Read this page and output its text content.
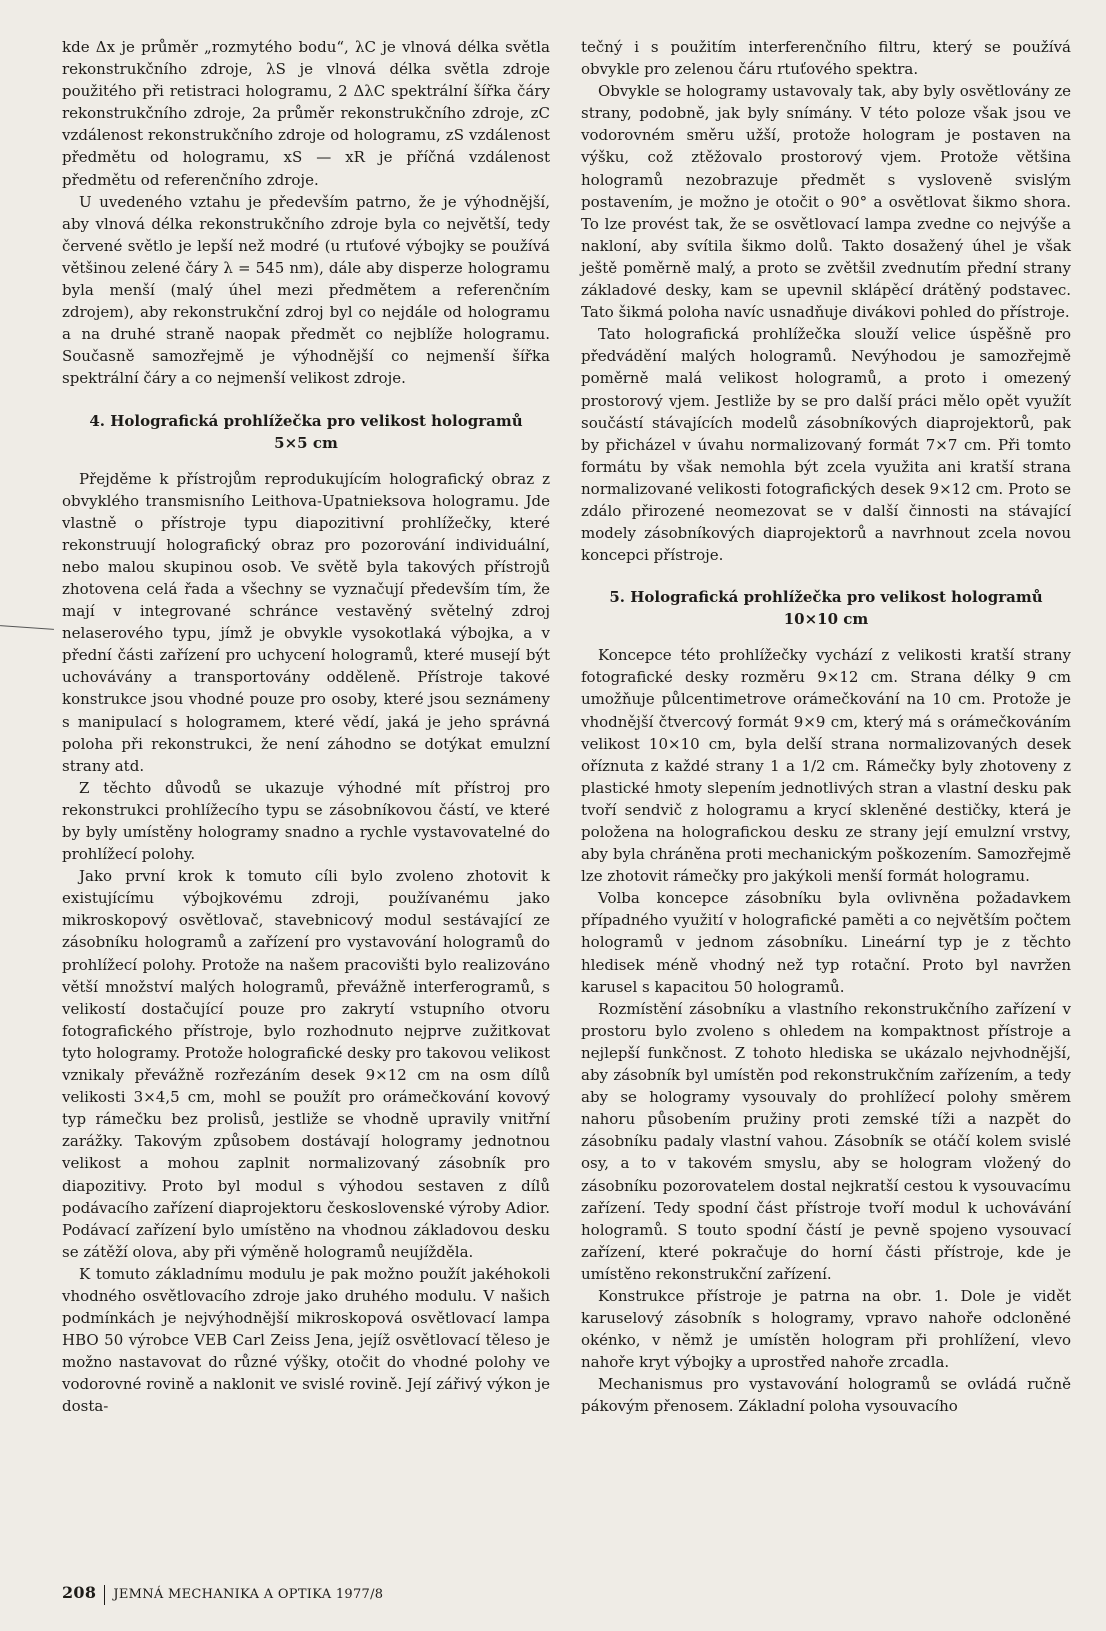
kde Δx je průměr „rozmytého bodu“, λC je vlnová délka světla rekonstrukčního zdroje, λS je vlnová délka světla zdroje použitého při retistraci hologramu, 2 ΔλC spektrální šířka čáry rekonstrukčního zdroje, 2a průměr rekonstrukčního zdroje, zC vzdálenost rekonstrukčního zdroje od hologramu, zS vzdálenost předmětu od hologramu, xS — xR je příčná vzdálenost předmětu od referenčního zdroje.

U uvedeného vztahu je především patrno, že je výhodnější, aby vlnová délka rekonstrukčního zdroje byla co největší, tedy červené světlo je lepší než modré (u rtuťové výbojky se používá většinou zelené čáry λ = 545 nm), dále aby disperze hologramu byla menší (malý úhel mezi předmětem a referenčním zdrojem), aby rekonstrukční zdroj byl co nejdále od hologramu a na druhé straně naopak předmět co nejblíže hologramu. Současně samozřejmě je výhodnější co nejmenší šířka spektrální čáry a co nejmenší velikost zdroje.

4. Holografická prohlížečka pro velikost hologramů
5×5 cm

Přejděme k přístrojům reprodukujícím holografický obraz z obvyklého transmisního Leithova-Upatnieksova hologramu. Jde vlastně o přístroje typu diapozitivní prohlížečky, které rekonstruují holografický obraz pro pozorování individuální, nebo malou skupinou osob. Ve světě byla takových přístrojů zhotovena celá řada a všechny se vyznačují především tím, že mají v integrované schránce vestavěný světelný zdroj nelaserového typu, jímž je obvykle vysokotlaká výbojka, a v přední části zařízení pro uchycení hologramů, které musejí být uchovávány a transportovány odděleně. Přístroje takové konstrukce jsou vhodné pouze pro osoby, které jsou seznámeny s manipulací s hologramem, které vědí, jaká je jeho správná poloha při rekonstrukci, že není záhodno se dotýkat emulzní strany atd.

Z těchto důvodů se ukazuje výhodné mít přístroj pro rekonstrukci prohlížecího typu se zásobníkovou částí, ve které by byly umístěny hologramy snadno a rychle vystavovatelné do prohlížecí polohy.

Jako první krok k tomuto cíli bylo zvoleno zhotovit k existujícímu výbojkovému zdroji, používanému jako mikroskopový osvětlovač, stavebnicový modul sestávající ze zásobníku hologramů a zařízení pro vystavování hologramů do prohlížecí polohy. Protože na našem pracovišti bylo realizováno větší množství malých hologramů, převážně interferogramů, s velikostí dostačující pouze pro zakrytí vstupního otvoru fotografického přístroje, bylo rozhodnuto nejprve zužitkovat tyto hologramy. Protože holografické desky pro takovou velikost vznikaly převážně rozřezáním desek 9×12 cm na osm dílů velikosti 3×4,5 cm, mohl se použít pro orámečkování kovový typ rámečku bez prolisů, jestliže se vhodně upravily vnitřní zarážky. Takovým způsobem dostávají hologramy jednotnou velikost a mohou zaplnit normalizovaný zásobník pro diapozitivy. Proto byl modul s výhodou sestaven z dílů podávacího zařízení diaprojektoru československé výroby Adior. Podávací zařízení bylo umístěno na vhodnou základovou desku se zátěží olova, aby při výměně hologramů neujížděla.

K tomuto základnímu modulu je pak možno použít jakéhokoli vhodného osvětlovacího zdroje jako druhého modulu. V našich podmínkách je nejvýhodnější mikroskopová osvětlovací lampa HBO 50 výrobce VEB Carl Zeiss Jena, jejíž osvětlovací těleso je možno nastavovat do různé výšky, otočit do vhodné polohy ve vodorovné rovině a naklonit ve svislé rovině. Její zářivý výkon je dosta-

tečný i s použitím interferenčního filtru, který se používá obvykle pro zelenou čáru rtuťového spektra.

Obvykle se hologramy ustavovaly tak, aby byly osvětlovány ze strany, podobně, jak byly snímány. V této poloze však jsou ve vodorovném směru užší, protože hologram je postaven na výšku, což ztěžovalo prostorový vjem. Protože většina hologramů nezobrazuje předmět s vysloveně svislým postavením, je možno je otočit o 90° a osvětlovat šikmo shora. To lze provést tak, že se osvětlovací lampa zvedne co nejvýše a nakloní, aby svítila šikmo dolů. Takto dosažený úhel je však ještě poměrně malý, a proto se zvětšil zvednutím přední strany základové desky, kam se upevnil sklápěcí drátěný podstavec. Tato šikmá poloha navíc usnadňuje divákovi pohled do přístroje.

Tato holografická prohlížečka slouží velice úspěšně pro předvádění malých hologramů. Nevýhodou je samozřejmě poměrně malá velikost hologramů, a proto i omezený prostorový vjem. Jestliže by se pro další práci mělo opět využít součástí stávajících modelů zásobníkových diaprojektorů, pak by přicházel v úvahu normalizovaný formát 7×7 cm. Při tomto formátu by však nemohla být zcela využita ani kratší strana normalizované velikosti fotografických desek 9×12 cm. Proto se zdálo přirozené neomezovat se v další činnosti na stávající modely zásobníkových diaprojektorů a navrhnout zcela novou koncepci přístroje.

5. Holografická prohlížečka pro velikost hologramů
10×10 cm

Koncepce této prohlížečky vychází z velikosti kratší strany fotografické desky rozměru 9×12 cm. Strana délky 9 cm umožňuje půlcentimetrove orámečkování na 10 cm. Protože je vhodnější čtvercový formát 9×9 cm, který má s orámečkováním velikost 10×10 cm, byla delší strana normalizovaných desek oříznuta z každé strany 1 a 1/2 cm. Rámečky byly zhotoveny z plastické hmoty slepením jednotlivých stran a vlastní desku pak tvoří sendvič z hologramu a krycí skleněné destičky, která je položena na holografickou desku ze strany její emulzní vrstvy, aby byla chráněna proti mechanickým poškozením. Samozřejmě lze zhotovit rámečky pro jakýkoli menší formát hologramu.

Volba koncepce zásobníku byla ovlivněna požadavkem případného využití v holografické paměti a co největším počtem hologramů v jednom zásobníku. Lineární typ je z těchto hledisek méně vhodný než typ rotační. Proto byl navržen karusel s kapacitou 50 hologramů.

Rozmístění zásobníku a vlastního rekonstrukčního zařízení v prostoru bylo zvoleno s ohledem na kompaktnost přístroje a nejlepší funkčnost. Z tohoto hlediska se ukázalo nejvhodnější, aby zásobník byl umístěn pod rekonstrukčním zařízením, a tedy aby se hologramy vysouvaly do prohlížecí polohy směrem nahoru působením pružiny proti zemské tíži a nazpět do zásobníku padaly vlastní vahou. Zásobník se otáčí kolem svislé osy, a to v takovém smyslu, aby se hologram vložený do zásobníku pozorovatelem dostal nejkratší cestou k vysouvacímu zařízení. Tedy spodní část přístroje tvoří modul k uchovávání hologramů. S touto spodní částí je pevně spojeno vysouvací zařízení, které pokračuje do horní části přístroje, kde je umístěno rekonstrukční zařízení.

Konstrukce přístroje je patrna na obr. 1. Dole je vidět karuselový zásobník s hologramy, vpravo nahoře odcloněné okénko, v němž je umístěn hologram při prohlížení, vlevo nahoře kryt výbojky a uprostřed nahoře zrcadla.

Mechanismus pro vystavování hologramů se ovládá ručně pákovým přenosem. Základní poloha vysouvacího

208 JEMNÁ MECHANIKA A OPTIKA 1977/8
